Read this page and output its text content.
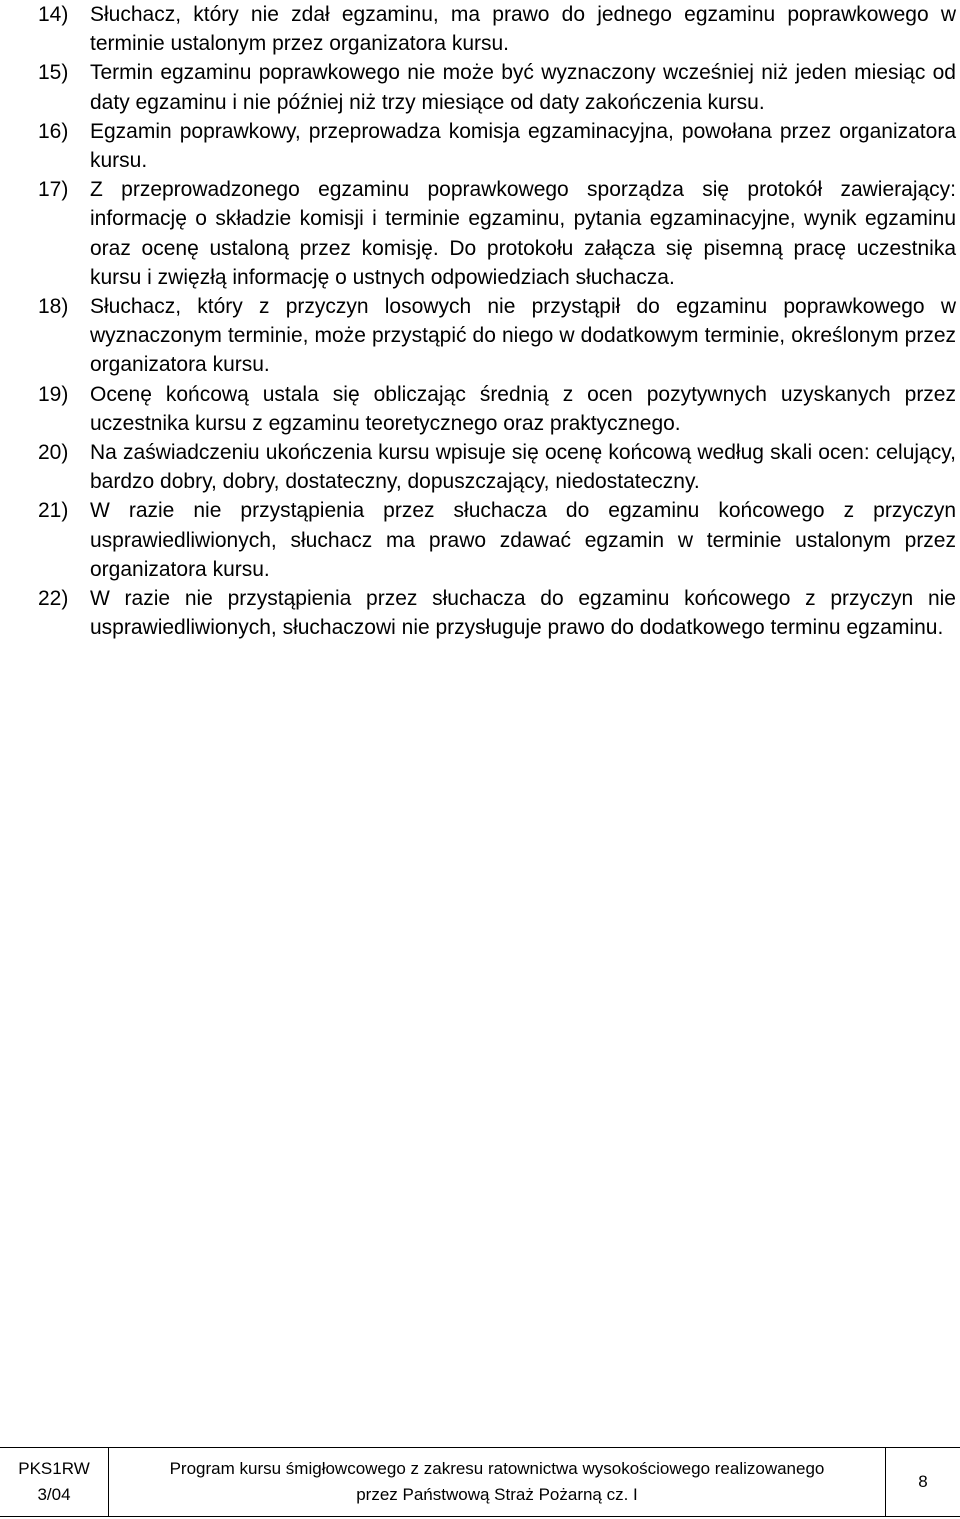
14)	Słuchacz, który nie zdał egzaminu, ma prawo do jednego egzaminu poprawkowego w terminie ustalonym przez organizatora kursu.
15)	Termin egzaminu poprawkowego nie może być wyznaczony wcześniej niż jeden miesiąc od daty egzaminu i nie później niż trzy miesiące od daty zakończenia kursu.
16)	Egzamin poprawkowy, przeprowadza komisja egzaminacyjna, powołana przez organizatora kursu.
17)	Z przeprowadzonego egzaminu poprawkowego sporządza się protokół zawierający: informację o składzie komisji i terminie egzaminu, pytania egzaminacyjne, wynik egzaminu oraz ocenę ustaloną przez komisję. Do protokołu załącza się pisemną pracę uczestnika kursu i zwięzłą informację o ustnych odpowiedziach słuchacza.
18)	Słuchacz, który z przyczyn losowych nie przystąpił do egzaminu poprawkowego w wyznaczonym terminie, może przystąpić do niego w dodatkowym terminie, określonym przez organizatora kursu.
19)	Ocenę końcową ustala się obliczając średnią z ocen pozytywnych uzyskanych przez uczestnika kursu z egzaminu teoretycznego oraz praktycznego.
20)	Na zaświadczeniu ukończenia kursu wpisuje się ocenę końcową według skali ocen: celujący, bardzo dobry, dobry, dostateczny, dopuszczający, niedostateczny.
21)	W razie nie przystąpienia przez słuchacza do egzaminu końcowego z przyczyn usprawiedliwionych, słuchacz ma prawo zdawać egzamin w terminie ustalonym przez organizatora kursu.
22)	W razie nie przystąpienia przez słuchacza do egzaminu końcowego z przyczyn nie usprawiedliwionych, słuchaczowi nie przysługuje prawo do dodatkowego terminu egzaminu.
PKS1RW
3/04

Program kursu śmigłowcowego z zakresu ratownictwa wysokościowego realizowanego
przez Państwową Straż Pożarną cz. I

8
